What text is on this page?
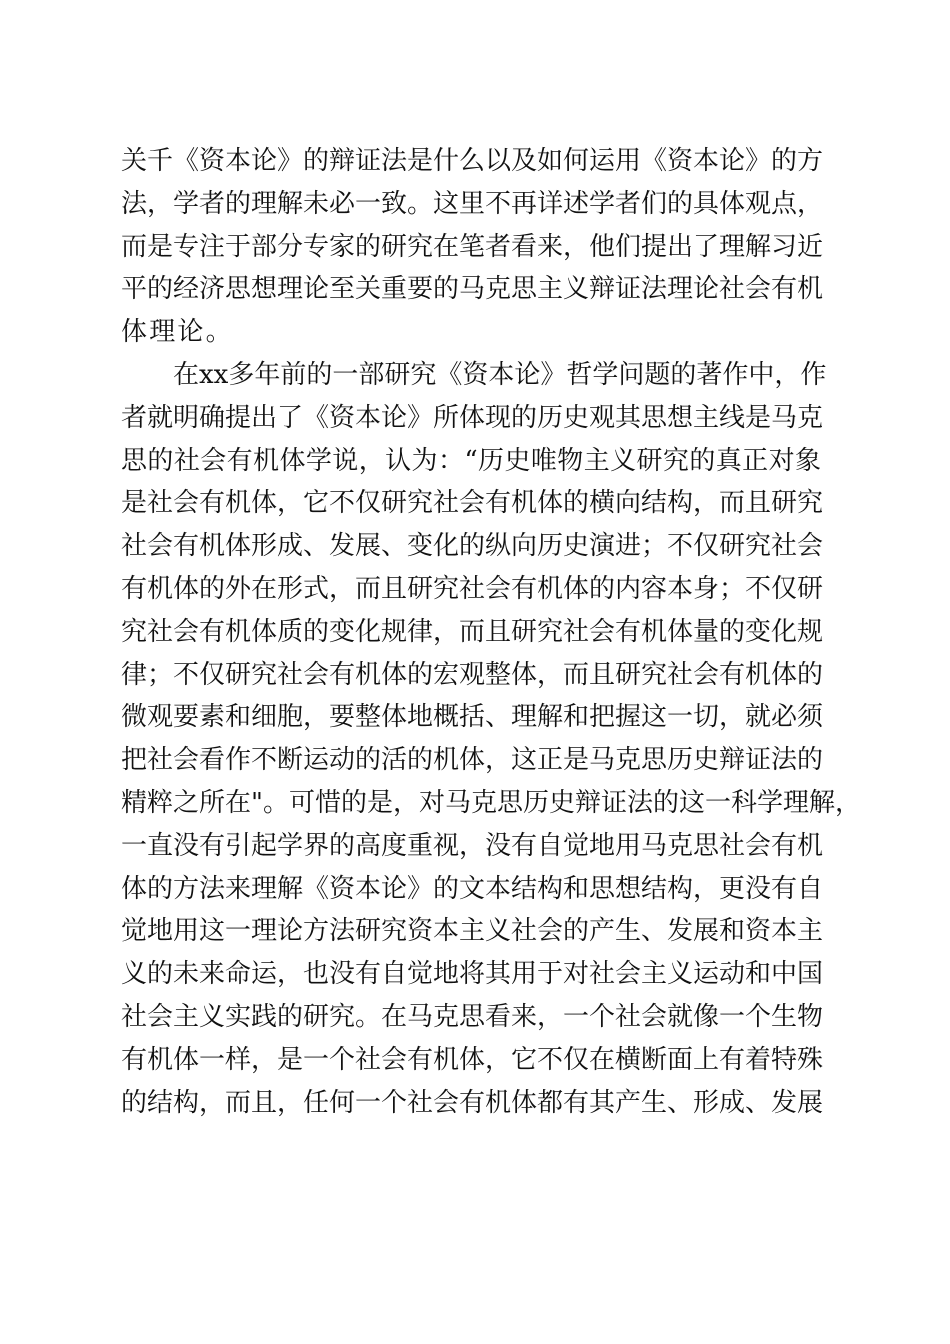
关千《资本论》的辩证法是什么以及如何运用《资本论》的方
法，学者的理解未必一致。这里不再详述学者们的具体观点，
而是专注于部分专家的研究在笔者看来，他们提出了理解习近
平的经济思想理论至关重要的马克思主义辩证法理论社会有机
体理论。
在xx多年前的一部研究《资本论》哲学问题的著作中，作
者就明确提出了《资本论》所体现的历史观其思想主线是马克
思的社会有机体学说，认为：“历史唯物主义研究的真正对象
是社会有机体，它不仅研究社会有机体的横向结构，而且研究
社会有机体形成、发展、变化的纵向历史演进；不仅研究社会
有机体的外在形式，而且研究社会有机体的内容本身；不仅研
究社会有机体质的变化规律，而且研究社会有机体量的变化规
律；不仅研究社会有机体的宏观整体，而且研究社会有机体的
微观要素和细胞，要整体地概括、理解和把握这一切，就必须
把社会看作不断运动的活的机体，这正是马克思历史辩证法的
精粹之所在"。可惜的是，对马克思历史辩证法的这一科学理解，
一直没有引起学界的高度重视，没有自觉地用马克思社会有机
体的方法来理解《资本论》的文本结构和思想结构，更没有自
觉地用这一理论方法研究资本主义社会的产生、发展和资本主
义的未来命运，也没有自觉地将其用于对社会主义运动和中国
社会主义实践的研究。在马克思看来，一个社会就像一个生物
有机体一样，是一个社会有机体，它不仅在横断面上有着特殊
的结构，而且，任何一个社会有机体都有其产生、形成、发展
